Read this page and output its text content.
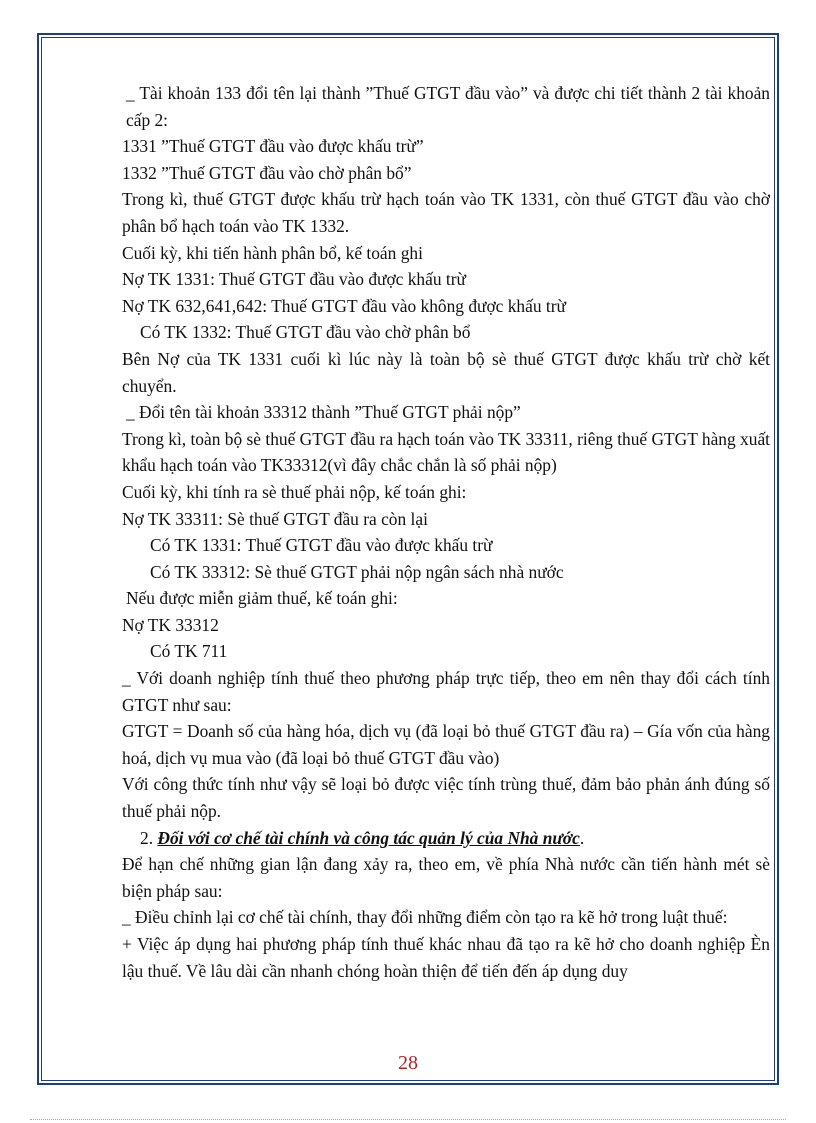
_ Tài khoản 133 đổi tên lại thành ”Thuế GTGT đầu vào” và được chi tiết thành 2 tài khoản cấp 2:

1331 ”Thuế GTGT đầu vào được khấu trừ”

1332 ”Thuế GTGT đầu vào chờ phân bổ”

Trong kì, thuế GTGT được khấu trừ hạch toán vào TK 1331, còn thuế GTGT đầu vào chờ phân bổ hạch toán vào TK 1332.

Cuối kỳ, khi tiến hành phân bổ, kế toán ghi

Nợ TK 1331: Thuế GTGT đầu vào được khấu trừ

Nợ TK 632,641,642: Thuế GTGT đầu vào không được khấu trừ

Có TK 1332: Thuế GTGT đầu vào chờ phân bổ

Bên Nợ của TK 1331 cuối kì lúc này là toàn bộ sè thuế GTGT được khấu trừ chờ kết chuyển.

_ Đổi tên tài khoản 33312 thành ”Thuế GTGT phải nộp”

Trong kì, toàn bộ sè thuế GTGT đầu ra hạch toán vào TK 33311, riêng thuế GTGT hàng xuất khẩu hạch toán vào TK33312(vì đây chắc chắn là số phải nộp)

Cuối kỳ, khi tính ra sè thuế phải nộp, kế toán ghi:

Nợ TK 33311: Sè thuế GTGT đầu ra còn lại

Có TK 1331: Thuế GTGT đầu vào được khấu trừ

Có TK 33312: Sè thuế GTGT phải nộp ngân sách nhà nước

Nếu được miễn giảm thuế, kế toán ghi:

Nợ TK 33312

Có TK 711

_ Với doanh nghiệp tính thuế theo phương pháp trực tiếp, theo em nên thay đổi cách tính GTGT như sau:

GTGT = Doanh số của hàng hóa, dịch vụ (đã loại bỏ thuế GTGT đầu ra) – Gía vốn của hàng hoá, dịch vụ mua vào (đã loại bỏ thuế GTGT đầu vào)

Với công thức tính như vậy sẽ loại bỏ được việc tính trùng thuế, đảm bảo phản ánh đúng số thuế phải nộp.

2. Đối với cơ chế tài chính và công tác quản lý của Nhà nước.

Để hạn chế những gian lận đang xảy ra, theo em, về phía Nhà nước cần tiến hành mét sè biện pháp sau:

_ Điều chỉnh lại cơ chế tài chính, thay đổi những điểm còn tạo ra kẽ hở trong luật thuế:

+ Việc áp dụng hai phương pháp tính thuế khác nhau đã tạo ra kẽ hở cho doanh nghiệp Èn lậu thuế. Về lâu dài cần nhanh chóng hoàn thiện để tiến đến áp dụng duy

28
